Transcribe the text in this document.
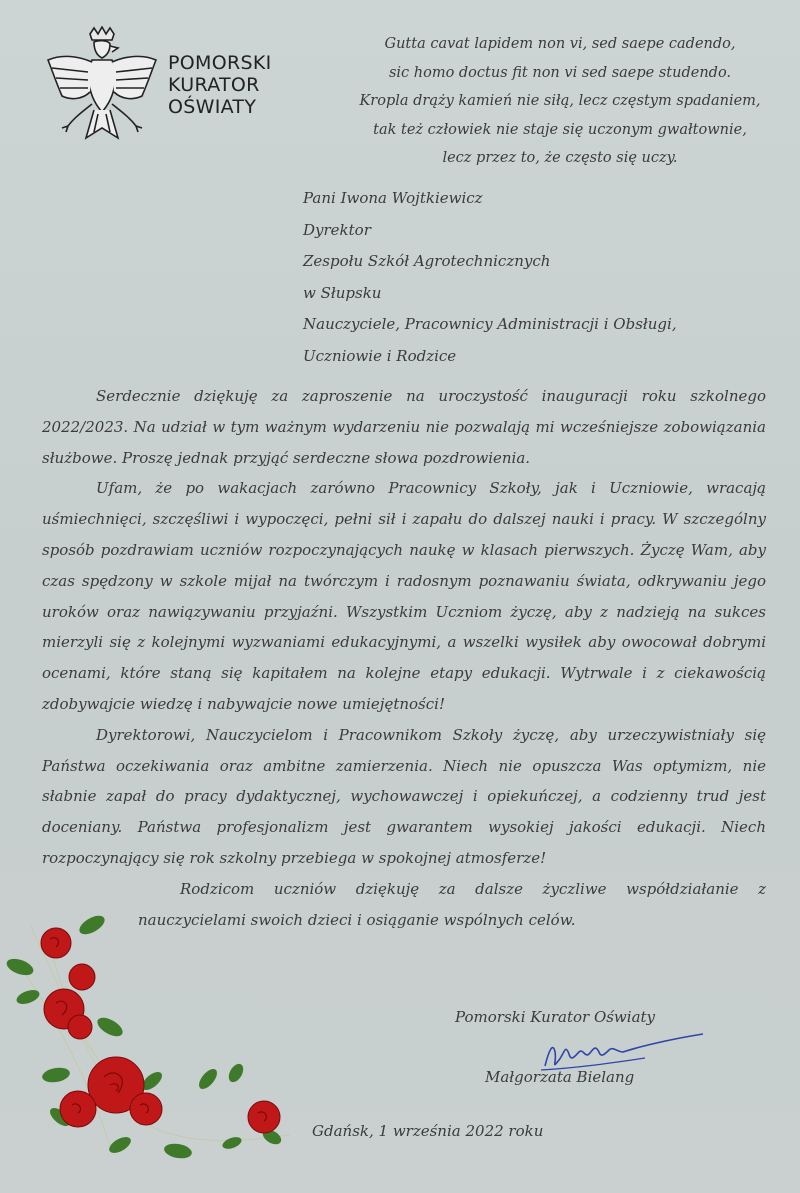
POMORSKI
KURATOR
OŚWIATY
Gutta cavat lapidem non vi, sed saepe cadendo,
sic homo doctus fit non vi sed saepe studendo.
Kropla drąży kamień nie siłą, lecz częstym spadaniem,
tak też człowiek nie staje się uczonym gwałtownie,
lecz przez to, że często się uczy.
Pani Iwona Wojtkiewicz
Dyrektor
Zespołu Szkół Agrotechnicznych
w Słupsku
Nauczyciele, Pracownicy Administracji i Obsługi,
Uczniowie i Rodzice

Serdecznie dziękuję za zaproszenie na uroczystość inauguracji roku szkolnego 2022/2023. Na udział w tym ważnym wydarzeniu nie pozwalają mi wcześniejsze zobowiązania służbowe. Proszę jednak przyjąć serdeczne słowa pozdrowienia.

Ufam, że po wakacjach zarówno Pracownicy Szkoły, jak i Uczniowie, wracają uśmiechnięci, szczęśliwi i wypoczęci, pełni sił i zapału do dalszej nauki i pracy. W szczególny sposób pozdrawiam uczniów rozpoczynających naukę w klasach pierwszych. Życzę Wam, aby czas spędzony w szkole mijał na twórczym i radosnym poznawaniu świata, odkrywaniu jego uroków oraz nawiązywaniu przyjaźni. Wszystkim Uczniom życzę, aby z nadzieją na sukces mierzyli się z kolejnymi wyzwaniami edukacyjnymi, a wszelki wysiłek aby owocował dobrymi ocenami, które staną się kapitałem na kolejne etapy edukacji. Wytrwale i z ciekawością zdobywajcie wiedzę i nabywajcie nowe umiejętności!

Dyrektorowi, Nauczycielom i Pracownikom Szkoły życzę, aby urzeczywistniały się Państwa oczekiwania oraz ambitne zamierzenia. Niech nie opuszcza Was optymizm, nie słabnie zapał do pracy dydaktycznej, wychowawczej i opiekuńczej, a codzienny trud jest doceniany. Państwa profesjonalizm jest gwarantem wysokiej jakości edukacji. Niech rozpoczynający się rok szkolny przebiega w spokojnej atmosferze!

Rodzicom uczniów dziękuję za dalsze życzliwe współdziałanie z nauczycielami swoich dzieci i osiąganie wspólnych celów.

Pomorski Kurator Oświaty
Małgorzata Bielang
Gdańsk, 1 września 2022 roku
